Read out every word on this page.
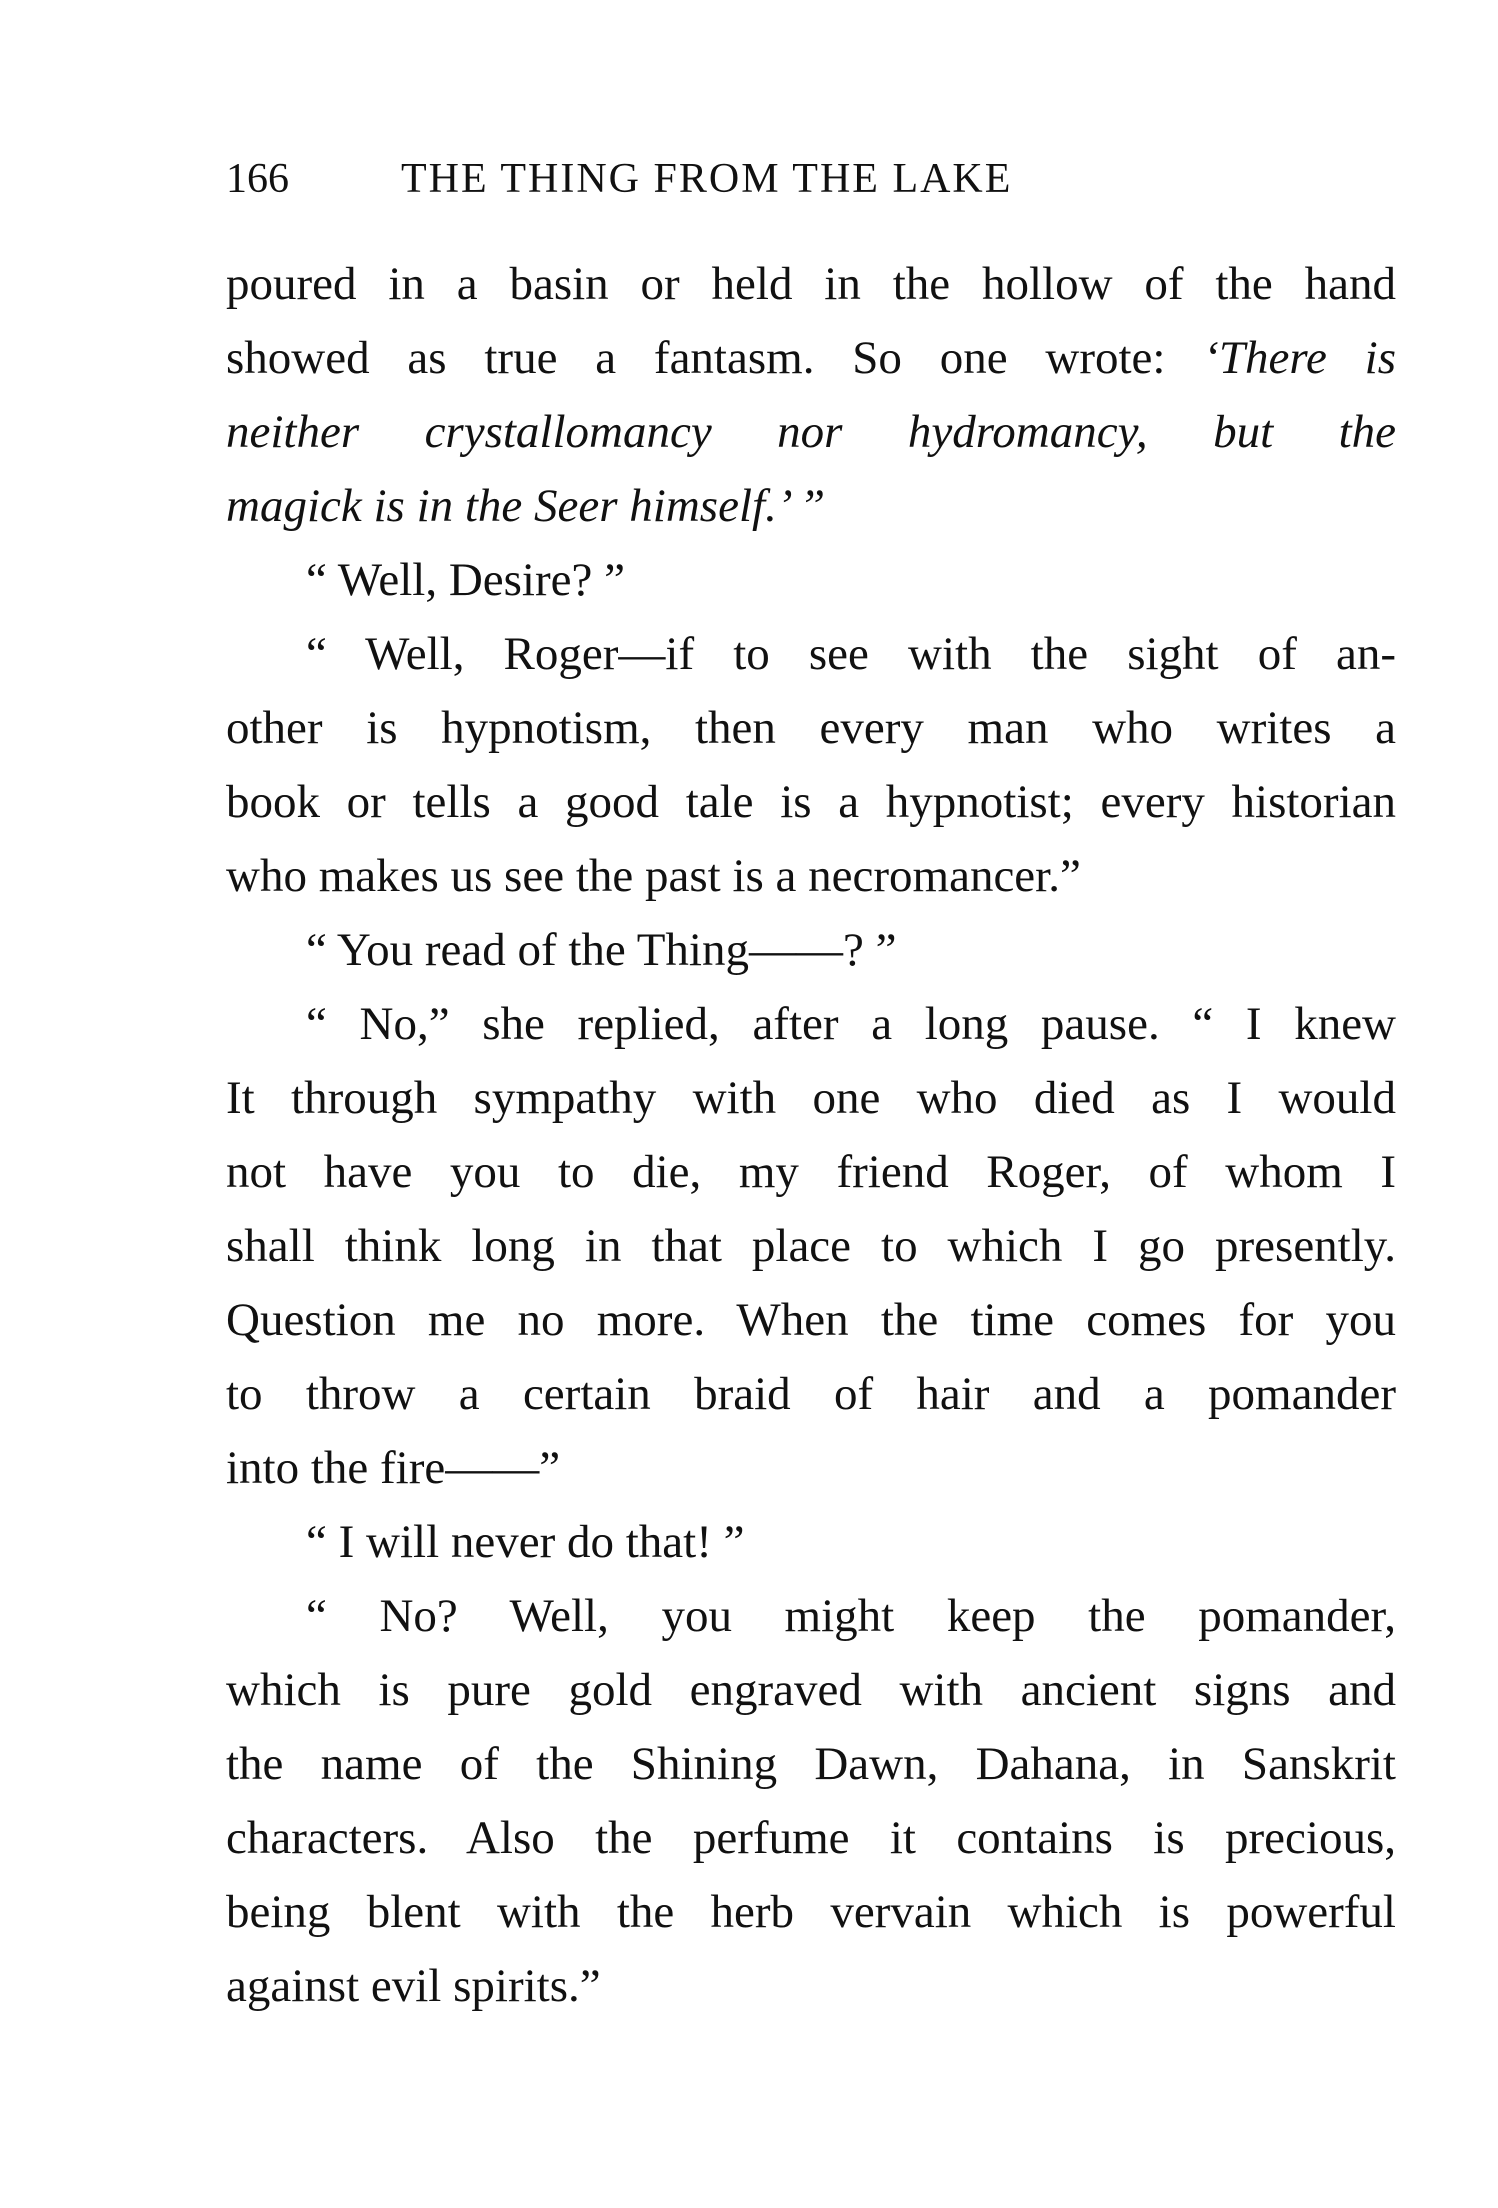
166	THE THING FROM THE LAKE
poured in a basin or held in the hollow of the hand
showed as true a fantasm. So one wrote: ‘There is
neither crystallomancy nor hydromancy, but the
magick is in the Seer himself.’ ”
“ Well, Desire? ”
“ Well, Roger—if to see with the sight of an-
other is hypnotism, then every man who writes a
book or tells a good tale is a hypnotist; every historian
who makes us see the past is a necromancer.”
“ You read of the Thing——? ”
“ No,” she replied, after a long pause. “ I knew
It through sympathy with one who died as I would
not have you to die, my friend Roger, of whom I
shall think long in that place to which I go presently.
Question me no more. When the time comes for you
to throw a certain braid of hair and a pomander
into the fire——”
“ I will never do that! ”
“ No? Well, you might keep the pomander,
which is pure gold engraved with ancient signs and
the name of the Shining Dawn, Dahana, in Sanskrit
characters. Also the perfume it contains is precious,
being blent with the herb vervain which is powerful
against evil spirits.”
